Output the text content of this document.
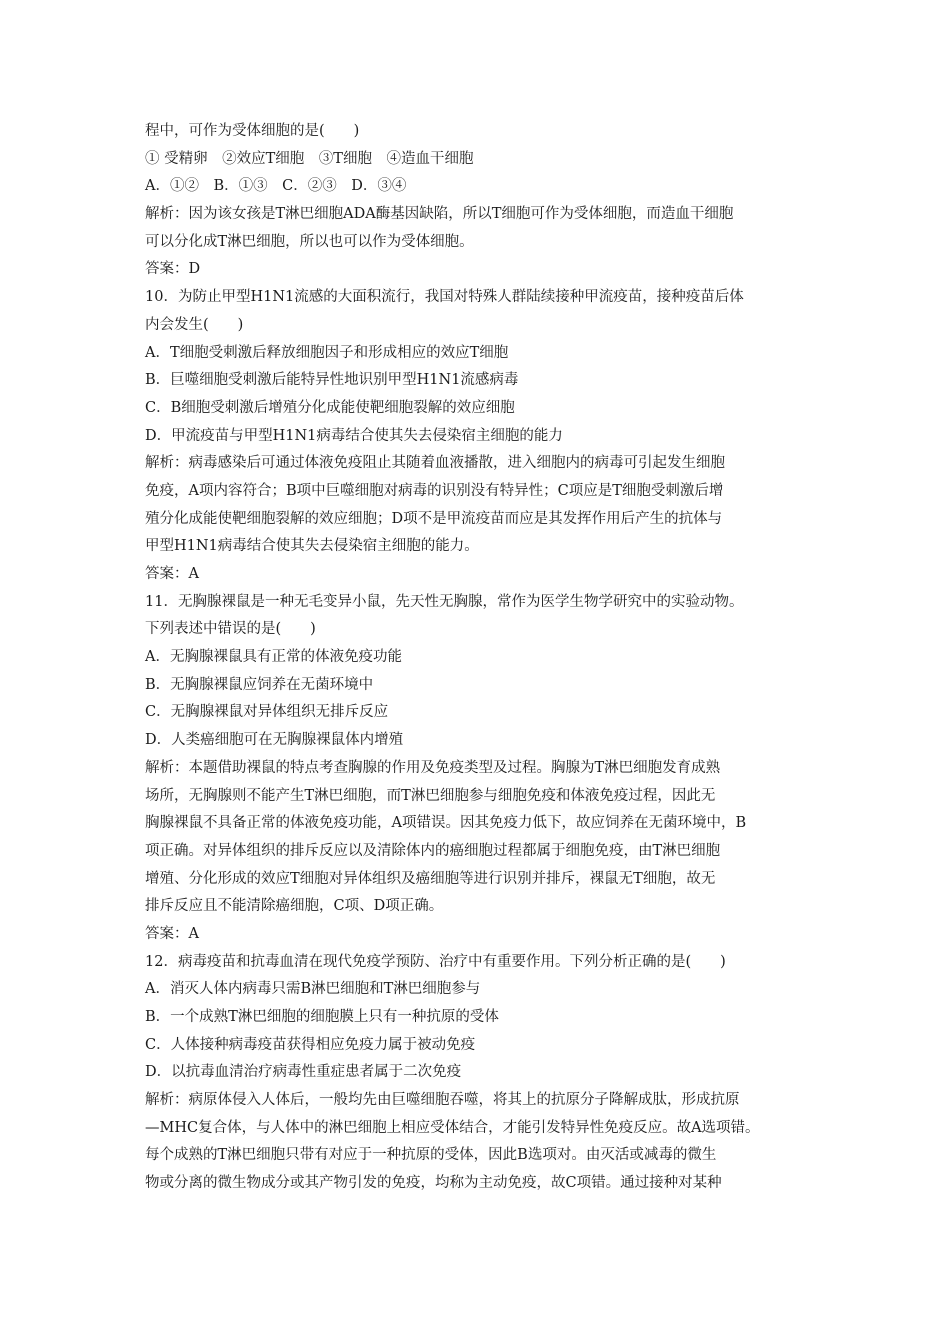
程中，可作为受体细胞的是(　　)
① 受精卵　②效应T细胞　③T细胞　④造血干细胞
A．①②　B．①③　C．②③　D．③④
解析：因为该女孩是T淋巴细胞ADA酶基因缺陷，所以T细胞可作为受体细胞，而造血干细胞
可以分化成T淋巴细胞，所以也可以作为受体细胞。
答案：D
10．为防止甲型H1N1流感的大面积流行，我国对特殊人群陆续接种甲流疫苗，接种疫苗后体
内会发生(　　)
A．T细胞受刺激后释放细胞因子和形成相应的效应T细胞
B．巨噬细胞受刺激后能特异性地识别甲型H1N1流感病毒
C．B细胞受刺激后增殖分化成能使靶细胞裂解的效应细胞
D．甲流疫苗与甲型H1N1病毒结合使其失去侵染宿主细胞的能力
解析：病毒感染后可通过体液免疫阻止其随着血液播散，进入细胞内的病毒可引起发生细胞
免疫，A项内容符合；B项中巨噬细胞对病毒的识别没有特异性；C项应是T细胞受刺激后增
殖分化成能使靶细胞裂解的效应细胞；D项不是甲流疫苗而应是其发挥作用后产生的抗体与
甲型H1N1病毒结合使其失去侵染宿主细胞的能力。
答案：A
11．无胸腺裸鼠是一种无毛变异小鼠，先天性无胸腺，常作为医学生物学研究中的实验动物。
下列表述中错误的是(　　)
A．无胸腺裸鼠具有正常的体液免疫功能
B．无胸腺裸鼠应饲养在无菌环境中
C．无胸腺裸鼠对异体组织无排斥反应
D．人类癌细胞可在无胸腺裸鼠体内增殖
解析：本题借助裸鼠的特点考查胸腺的作用及免疫类型及过程。胸腺为T淋巴细胞发育成熟
场所，无胸腺则不能产生T淋巴细胞，而T淋巴细胞参与细胞免疫和体液免疫过程，因此无
胸腺裸鼠不具备正常的体液免疫功能，A项错误。因其免疫力低下，故应饲养在无菌环境中，B
项正确。对异体组织的排斥反应以及清除体内的癌细胞过程都属于细胞免疫，由T淋巴细胞
增殖、分化形成的效应T细胞对异体组织及癌细胞等进行识别并排斥，裸鼠无T细胞，故无
排斥反应且不能清除癌细胞，C项、D项正确。
答案：A
12．病毒疫苗和抗毒血清在现代免疫学预防、治疗中有重要作用。下列分析正确的是(　　)
A．消灭人体内病毒只需B淋巴细胞和T淋巴细胞参与
B．一个成熟T淋巴细胞的细胞膜上只有一种抗原的受体
C．人体接种病毒疫苗获得相应免疫力属于被动免疫
D．以抗毒血清治疗病毒性重症患者属于二次免疫
解析：病原体侵入人体后，一般均先由巨噬细胞吞噬，将其上的抗原分子降解成肽，形成抗原
—MHC复合体，与人体中的淋巴细胞上相应受体结合，才能引发特异性免疫反应。故A选项错。
每个成熟的T淋巴细胞只带有对应于一种抗原的受体，因此B选项对。由灭活或减毒的微生
物或分离的微生物成分或其产物引发的免疫，均称为主动免疫，故C项错。通过接种对某种
